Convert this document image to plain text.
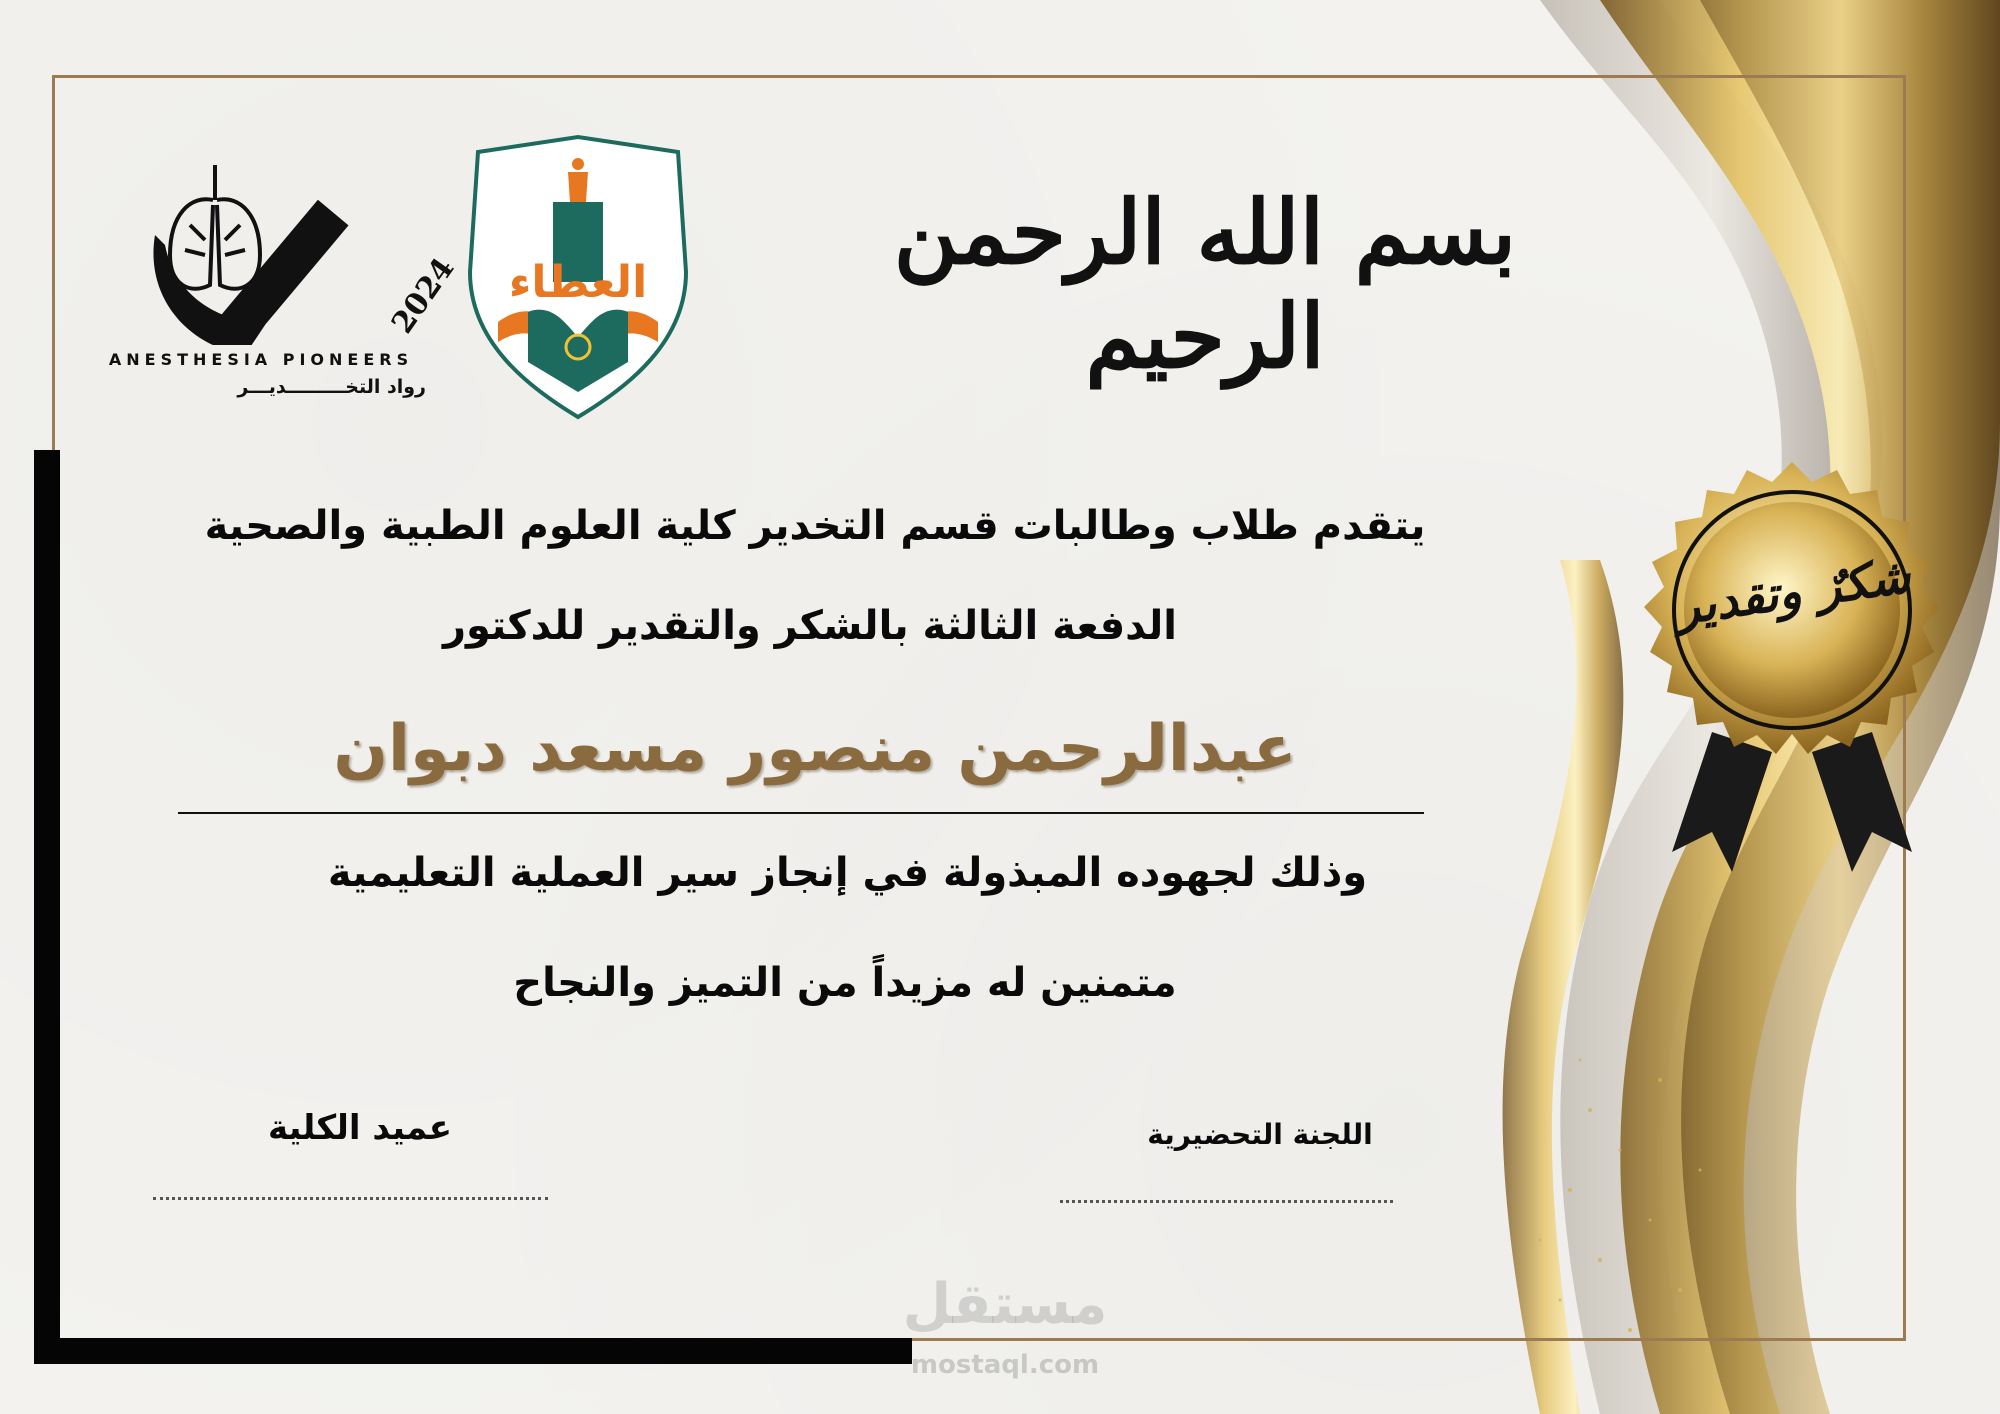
بسم الله الرحمن الرحيم
العطاء
2024
ANESTHESIA PIONEERS
رواد التخـــــــــديـــر
يتقدم طلاب وطالبات قسم التخدير كلية العلوم الطبية والصحية
الدفعة الثالثة بالشكر والتقدير للدكتور
عبدالرحمن منصور مسعد دبوان
وذلك لجهوده المبذولة في إنجاز سير العملية التعليمية
متمنين له مزيداً من التميز والنجاح
عميد الكلية	اللجنة التحضيرية
شكرٌ وتقدير
مستقل
mostaql.com
